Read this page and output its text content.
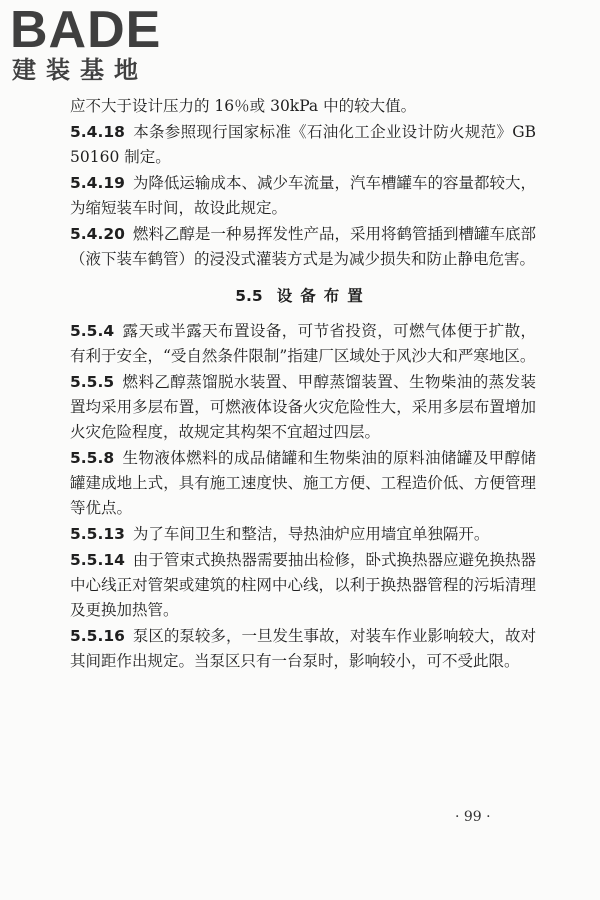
BADE
建装基地

应不大于设计压力的 16％或 30kPa 中的较大值。

5.4.18 本条参照现行国家标准《石油化工企业设计防火规范》GB 50160 制定。

5.4.19 为降低运输成本、减少车流量，汽车槽罐车的容量都较大，为缩短装车时间，故设此规定。

5.4.20 燃料乙醇是一种易挥发性产品，采用将鹤管插到槽罐车底部（液下装车鹤管）的浸没式灌装方式是为减少损失和防止静电危害。

5.5 设备布置

5.5.4 露天或半露天布置设备，可节省投资，可燃气体便于扩散，有利于安全，“受自然条件限制”指建厂区域处于风沙大和严寒地区。

5.5.5 燃料乙醇蒸馏脱水装置、甲醇蒸馏装置、生物柴油的蒸发装置均采用多层布置，可燃液体设备火灾危险性大，采用多层布置增加火灾危险程度，故规定其构架不宜超过四层。

5.5.8 生物液体燃料的成品储罐和生物柴油的原料油储罐及甲醇储罐建成地上式，具有施工速度快、施工方便、工程造价低、方便管理等优点。

5.5.13 为了车间卫生和整洁，导热油炉应用墙宜单独隔开。

5.5.14 由于管束式换热器需要抽出检修，卧式换热器应避免换热器中心线正对管架或建筑的柱网中心线，以利于换热器管程的污垢清理及更换加热管。

5.5.16 泵区的泵较多，一旦发生事故，对装车作业影响较大，故对其间距作出规定。当泵区只有一台泵时，影响较小，可不受此限。

· 99 ·
